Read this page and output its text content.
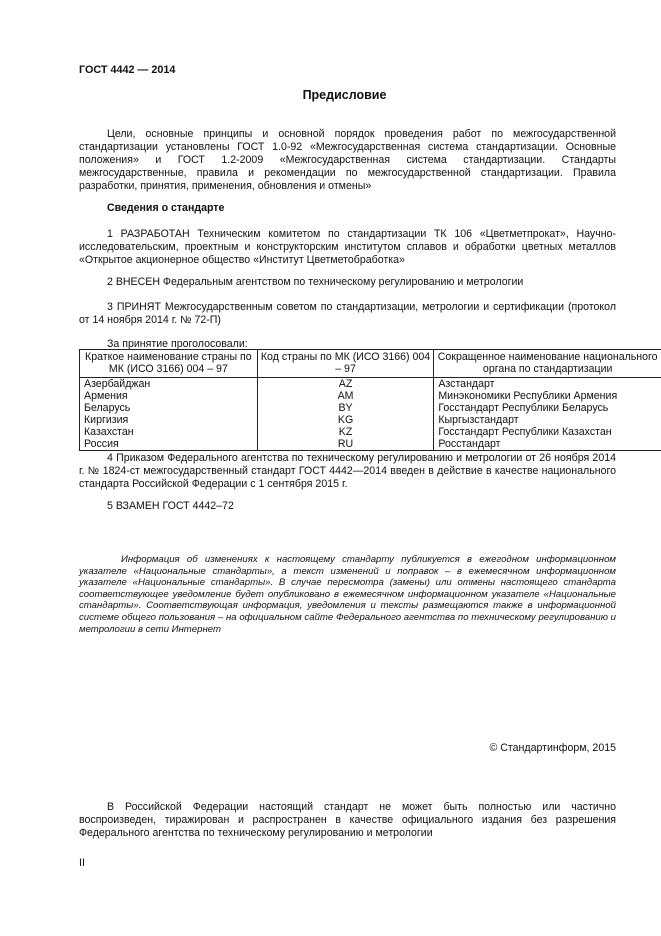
ГОСТ 4442 — 2014
Предисловие
Цели, основные принципы и основной порядок проведения работ по межгосударственной стандартизации установлены ГОСТ 1.0-92 «Межгосударственная система стандартизации. Основные положения» и ГОСТ 1.2-2009 «Межгосударственная система стандартизации. Стандарты межгосударственные, правила и рекомендации по межгосударственной стандартизации. Правила разработки, принятия, применения, обновления и отмены»
Сведения о стандарте
1 РАЗРАБОТАН Техническим комитетом по стандартизации ТК 106 «Цветметпрокат», Научно-исследовательским, проектным и конструкторским институтом сплавов и обработки цветных металлов «Открытое акционерное общество «Институт Цветметобработка»
2 ВНЕСЕН Федеральным агентством по техническому регулированию и метрологии
3 ПРИНЯТ Межгосударственным советом по стандартизации, метрологии и сертификации (протокол от 14 ноября 2014 г. № 72-П)
За принятие проголосовали:
Краткое наименование страны по МК (ИСО 3166) 004 – 97	Код страны по МК (ИСО 3166) 004 – 97	Сокращенное наименование национального органа по стандартизации
Азербайджан	AZ	Азстандарт
Армения	AM	Минэкономики Республики Армения
Беларусь	BY	Госстандарт Республики Беларусь
Киргизия	KG	Кыргызстандарт
Казахстан	KZ	Госстандарт Республики Казахстан
Россия	RU	Росстандарт
4 Приказом Федерального агентства по техническому регулированию и метрологии от 26 ноября 2014 г. № 1824-ст межгосударственный стандарт ГОСТ 4442—2014 введен в действие в качестве национального стандарта Российской Федерации с 1 сентября 2015 г.
5 ВЗАМЕН ГОСТ 4442–72
Информация об изменениях к настоящему стандарту публикуется в ежегодном информационном указателе «Национальные стандарты», а текст изменений и поправок – в ежемесячном информационном указателе «Национальные стандарты». В случае пересмотра (замены) или отмены настоящего стандарта соответствующее уведомление будет опубликовано в ежемесячном информационном указателе «Национальные стандарты». Соответствующая информация, уведомления и тексты размещаются также в информационной системе общего пользования – на официальном сайте Федерального агентства по техническому регулированию и метрологии в сети Интернет
© Стандартинформ, 2015
В Российской Федерации настоящий стандарт не может быть полностью или частично воспроизведен, тиражирован и распространен в качестве официального издания без разрешения Федерального агентства по техническому регулированию и метрологии
II
